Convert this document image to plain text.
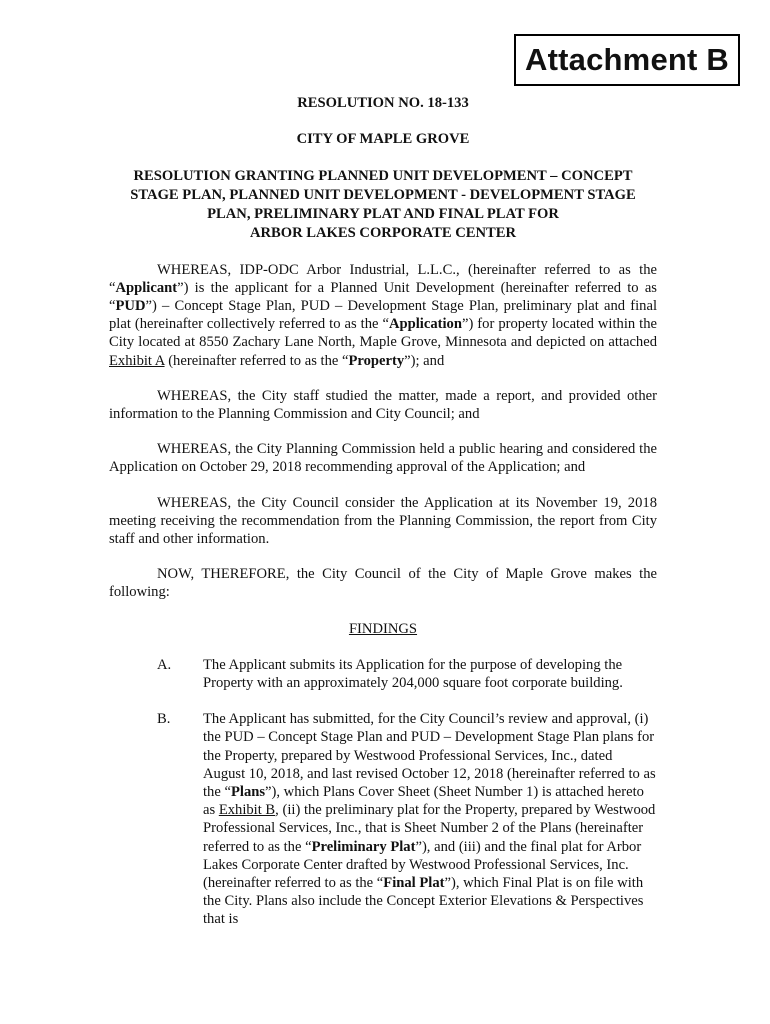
Attachment B
RESOLUTION NO. 18-133
CITY OF MAPLE GROVE
RESOLUTION GRANTING PLANNED UNIT DEVELOPMENT – CONCEPT
STAGE PLAN, PLANNED UNIT DEVELOPMENT - DEVELOPMENT STAGE
PLAN, PRELIMINARY PLAT AND FINAL PLAT FOR
ARBOR LAKES CORPORATE CENTER

WHEREAS, IDP-ODC Arbor Industrial, L.L.C., (hereinafter referred to as the “Applicant”) is the applicant for a Planned Unit Development (hereinafter referred to as “PUD”) – Concept Stage Plan, PUD – Development Stage Plan, preliminary plat and final plat (hereinafter collectively referred to as the “Application”) for property located within the City located at 8550 Zachary Lane North, Maple Grove, Minnesota and depicted on attached Exhibit A (hereinafter referred to as the “Property”); and

WHEREAS, the City staff studied the matter, made a report, and provided other information to the Planning Commission and City Council; and

WHEREAS, the City Planning Commission held a public hearing and considered the Application on October 29, 2018 recommending approval of the Application; and

WHEREAS, the City Council consider the Application at its November 19, 2018 meeting receiving the recommendation from the Planning Commission, the report from City staff and other information.

NOW, THEREFORE, the City Council of the City of Maple Grove makes the following:

FINDINGS
A.	The Applicant submits its Application for the purpose of developing the Property with an approximately 204,000 square foot corporate building.
B.	The Applicant has submitted, for the City Council’s review and approval, (i) the PUD – Concept Stage Plan and PUD – Development Stage Plan plans for the Property, prepared by Westwood Professional Services, Inc., dated August 10, 2018, and last revised October 12, 2018 (hereinafter referred to as the “Plans”), which Plans Cover Sheet (Sheet Number 1) is attached hereto as Exhibit B, (ii) the preliminary plat for the Property, prepared by Westwood Professional Services, Inc., that is Sheet Number 2 of the Plans (hereinafter referred to as the “Preliminary Plat”), and (iii) and the final plat for Arbor Lakes Corporate Center drafted by Westwood Professional Services, Inc. (hereinafter referred to as the “Final Plat”), which Final Plat is on file with the City. Plans also include the Concept Exterior Elevations & Perspectives that is
